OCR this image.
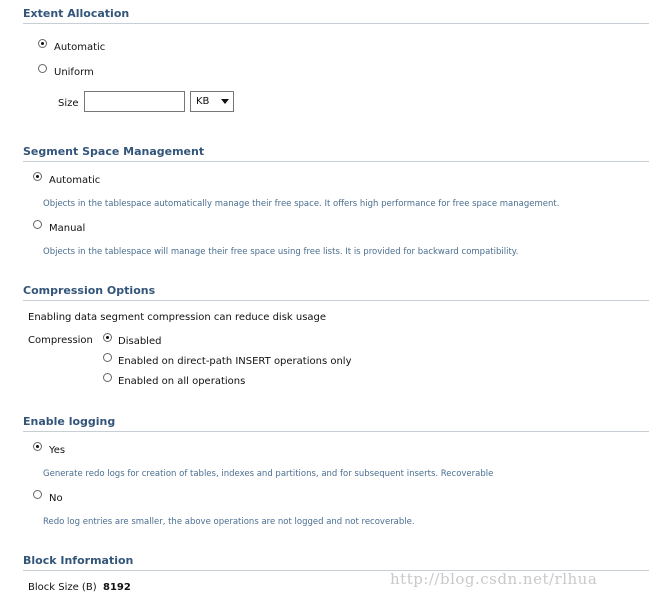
Extent Allocation
Automatic
Uniform
Size	KB
Segment Space Management
Automatic
Objects in the tablespace automatically manage their free space. It offers high performance for free space management.
Manual
Objects in the tablespace will manage their free space using free lists. It is provided for backward compatibility.
Compression Options
Enabling data segment compression can reduce disk usage
Compression	Disabled
Enabled on direct-path INSERT operations only
Enabled on all operations
Enable logging
Yes
Generate redo logs for creation of tables, indexes and partitions, and for subsequent inserts. Recoverable
No
Redo log entries are smaller, the above operations are not logged and not recoverable.
Block Information
Block Size (B) 8192	http://blog.csdn.net/rlhua
